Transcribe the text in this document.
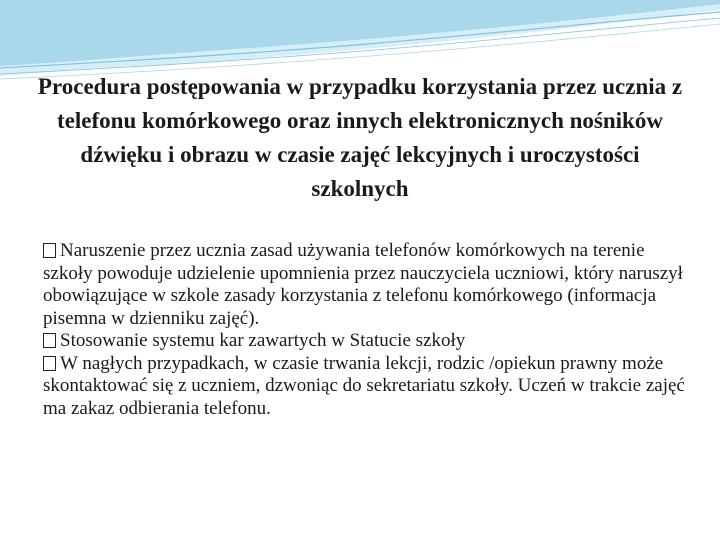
Procedura postępowania w przypadku korzystania przez ucznia z telefonu komórkowego oraz innych elektronicznych nośników dźwięku i obrazu w czasie zajęć lekcyjnych i uroczystości szkolnych

Naruszenie przez ucznia zasad używania telefonów komórkowych na terenie szkoły powoduje udzielenie upomnienia przez nauczyciela uczniowi, który naruszył obowiązujące w szkole zasady korzystania z telefonu komórkowego (informacja pisemna w dzienniku zajęć).

Stosowanie systemu kar zawartych w Statucie szkoły

W nagłych przypadkach, w czasie trwania lekcji, rodzic /opiekun prawny może skontaktować się z uczniem, dzwoniąc do sekretariatu szkoły. Uczeń w trakcie zajęć ma zakaz odbierania telefonu.
